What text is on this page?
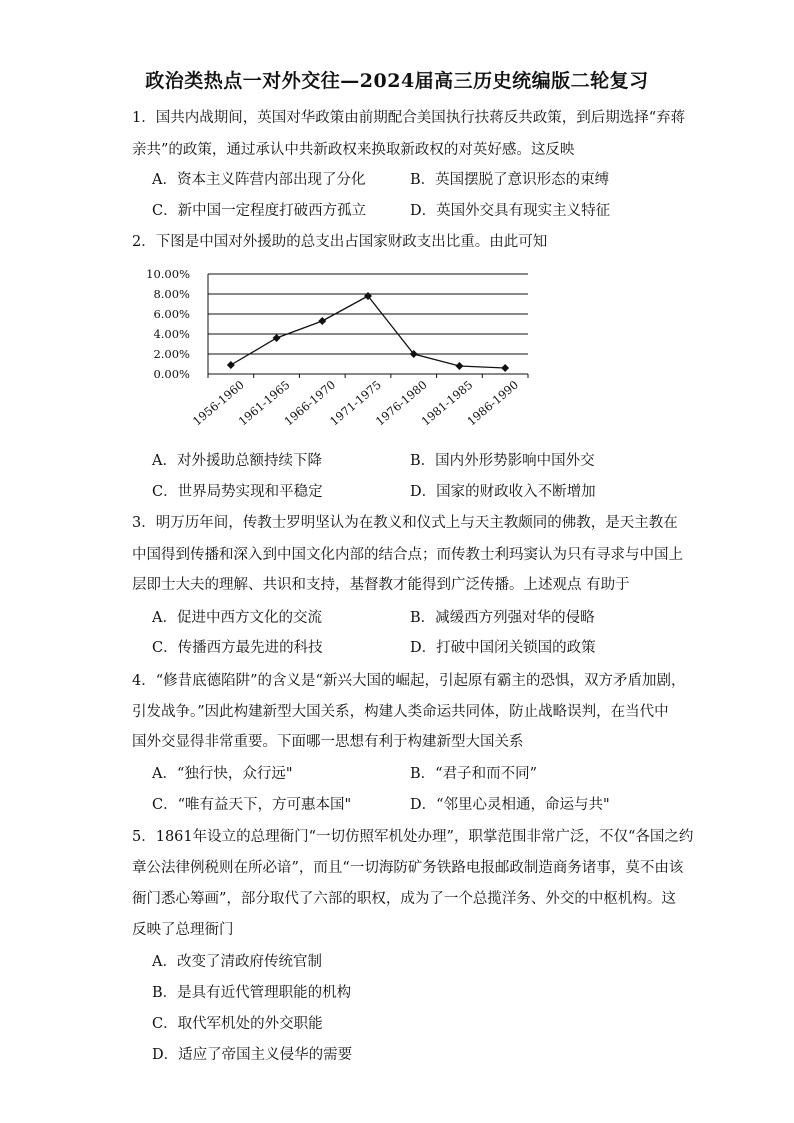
政治类热点一对外交往—2024届高三历史统编版二轮复习
1．国共内战期间，英国对华政策由前期配合美国执行扶蒋反共政策，到后期选择“弃蒋
亲共”的政策，通过承认中共新政权来换取新政权的对英好感。这反映
A．资本主义阵营内部出现了分化	B．英国摆脱了意识形态的束缚
C．新中国一定程度打破西方孤立	D．英国外交具有现实主义特征
2．下图是中国对外援助的总支出占国家财政支出比重。由此可知
0.00%
2.00%
4.00%
6.00%
8.00%
10.00%
1956-1960
1961-1965
1966-1970
1971-1975
1976-1980
1981-1985
1986-1990
A．对外援助总额持续下降	B．国内外形势影响中国外交
C．世界局势实现和平稳定	D．国家的财政收入不断增加
3．明万历年间，传教士罗明坚认为在教义和仪式上与天主教颇同的佛教，是天主教在
中国得到传播和深入到中国文化内部的结合点；而传教士利玛窦认为只有寻求与中国上
层即士大夫的理解、共识和支持，基督教才能得到广泛传播。上述观点 有助于
A．促进中西方文化的交流	B．减缓西方列强对华的侵略
C．传播西方最先进的科技	D．打破中国闭关锁国的政策
4．“修昔底德陷阱”的含义是“新兴大国的崛起，引起原有霸主的恐惧，双方矛盾加剧，
引发战争。”因此构建新型大国关系，构建人类命运共同体，防止战略误判，在当代中
国外交显得非常重要。下面哪一思想有利于构建新型大国关系
A．“独行快，众行远"	B．“君子和而不同”
C．“唯有益天下，方可惠本国"	D．“邻里心灵相通，命运与共"
5．1861年设立的总理衙门“一切仿照军机处办理”，职掌范围非常广泛，不仅“各国之约
章公法律例税则在所必谙”，而且“一切海防矿务铁路电报邮政制造商务诸事，莫不由该
衙门悉心筹画”，部分取代了六部的职权，成为了一个总揽洋务、外交的中枢机构。这
反映了总理衙门
A．改变了清政府传统官制
B．是具有近代管理职能的机构
C．取代军机处的外交职能
D．适应了帝国主义侵华的需要
